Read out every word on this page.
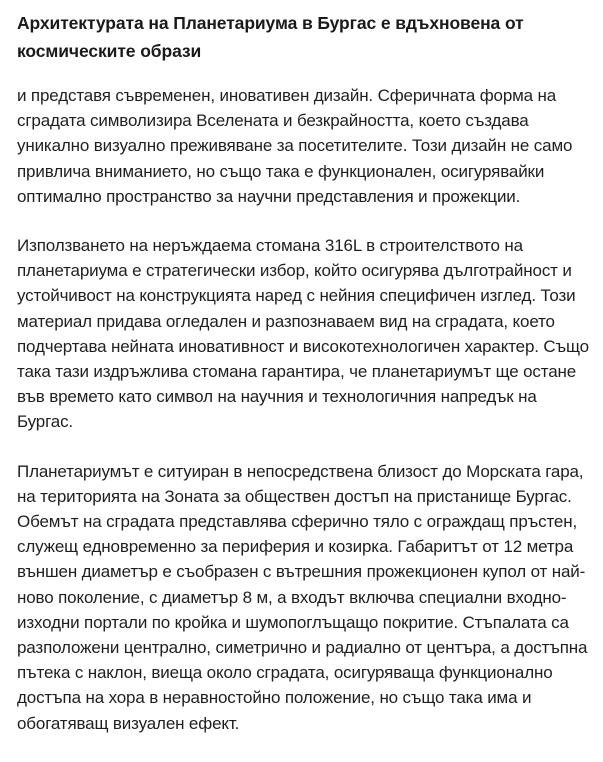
Архитектурата на Планетариума в Бургас е вдъхновена от космическите образи

и представя съвременен, иновативен дизайн. Сферичната форма на сградата символизира Вселената и безкрайността, което създава уникално визуално преживяване за посетителите. Този дизайн не само привлича вниманието, но също така е функционален, осигурявайки оптимално пространство за научни представления и прожекции.

Използването на неръждаема стомана 316L в строителството на планетариума е стратегически избор, който осигурява дълготрайност и устойчивост на конструкцията наред с нейния специфичен изглед. Този материал придава огледален и разпознаваем вид на сградата, което подчертава нейната иновативност и високотехнологичен характер. Също така тази издръжлива стомана гарантира, че планетариумът ще остане във времето като символ на научния и технологичния напредък на Бургас.

Планетариумът е ситуиран в непосредствена близост до Морската гара, на територията на Зоната за обществен достъп на пристанище Бургас. Обемът на сградата представлява сферично тяло с ограждащ пръстен, служещ едновременно за периферия и козирка. Габаритът от 12 метра външен диаметър е съобразен с вътрешния прожекционен купол от най-ново поколение, с диаметър 8 м, а входът включва специални входно-изходни портали по кройка и шумопоглъщащо покритие. Стъпалата са разположени централно, симетрично и радиално от центъра, а достъпна пътека с наклон, виеща около сградата, осигуряваща функционално достъпа на хора в неравностойно положение, но също така има и обогатяващ визуален ефект.
